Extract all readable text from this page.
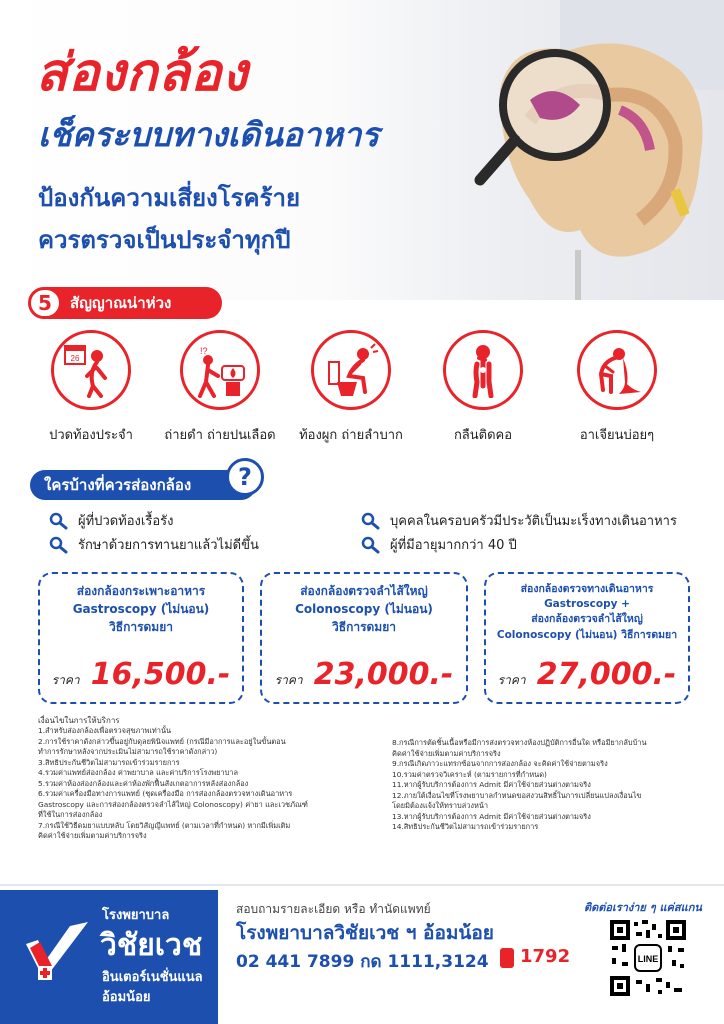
ส่องกล้อง
เช็คระบบทางเดินอาหาร
ป้องกันความเสี่ยงโรคร้าย
ควรตรวจเป็นประจำทุกปี
5	สัญญาณน่าห่วง
26
ปวดท้องประจำ
!?
ถ่ายดำ ถ่ายปนเลือด	ท้องผูก ถ่ายลำบาก	กลืนติดคอ	อาเจียนบ่อยๆ
ใครบ้างที่ควรส่องกล้อง	?
ผู้ที่ปวดท้องเรื้อรัง
รักษาด้วยการทานยาแล้วไม่ดีขึ้น
บุคคลในครอบครัวมีประวัติเป็นมะเร็งทางเดินอาหาร
ผู้ที่มีอายุมากกว่า 40 ปี
ส่องกล้องกระเพาะอาหาร
Gastroscopy (ไม่นอน)
วิธีการดมยา
ราคา 16,500.-
ส่องกล้องตรวจลำไส้ใหญ่
Colonoscopy (ไม่นอน)
วิธีการดมยา
ราคา 23,000.-
ส่องกล้องตรวจทางเดินอาหาร
Gastroscopy +
ส่องกล้องตรวจลำไส้ใหญ่
Colonoscopy (ไม่นอน) วิธีการดมยา
ราคา 27,000.-
เงื่อนไขในการให้บริการ

1.สำหรับส่องกล้องเพื่อตรวจสุขภาพเท่านั้น

2.การใช้ราคาดังกล่าวขึ้นอยู่กับดุลยพินิจแพทย์ (กรณีมีอาการและอยู่ในขั้นตอน

ทำการรักษาหลังจากประเมินไม่สามารถใช้ราคาดังกล่าว)

3.สิทธิประกันชีวิตไม่สามารถเข้าร่วมรายการ

4.รวมค่าแพทย์ส่องกล้อง ค่าพยาบาล และค่าบริการโรงพยาบาล

5.รวมค่าห้องส่องกล้องและค่าห้องพักฟื้นสังเกตอาการหลังส่องกล้อง

6.รวมค่าเครื่องมือทางการแพทย์ (ชุดเครื่องมือ การส่องกล้องตรวจทางเดินอาหาร

Gastroscopy และการส่องกล้องตรวจลำไส้ใหญ่ Colonoscopy) ค่ายา และเวชภัณฑ์

ที่ใช้ในการส่องกล้อง

7.กรณีใช้วิธีดมยาแบบหลับ โดยวิสัญญีแพทย์ (ตามเวลาที่กำหนด) หากมีเพิ่มเติม

คิดค่าใช้จ่ายเพิ่มตามค่าบริการจริง

8.กรณีการตัดชิ้นเนื้อหรือมีการส่งตรวจทางห้องปฏิบัติการอื่นใด หรือมียากลับบ้าน

คิดค่าใช้จ่ายเพิ่มตามค่าบริการจริง

9.กรณีเกิดภาวะแทรกซ้อนจากการส่องกล้อง จะคิดค่าใช้จ่ายตามจริง

10.รวมค่าตรวจวิเคราะห์ (ตามรายการที่กำหนด)

11.หากผู้รับบริการต้องการ Admit มีค่าใช้จ่ายส่วนต่างตามจริง

12.ภายใต้เงื่อนไขที่โรงพยาบาลกำหนดขอสงวนสิทธิ์ในการเปลี่ยนแปลงเงื่อนไข

โดยมิต้องแจ้งให้ทราบล่วงหน้า

13.หากผู้รับบริการต้องการ Admit มีค่าใช้จ่ายส่วนต่างตามจริง

14.สิทธิประกันชีวิตไม่สามารถเข้าร่วมรายการ

โรงพยาบาล
วิชัยเวช
อินเตอร์เนชั่นแนล
อ้อมน้อย
สอบถามรายละเอียด หรือ ทำนัดแพทย์
โรงพยาบาลวิชัยเวช ฯ อ้อมน้อย
02 441 7899 กด 1111,3124 1792
ติดต่อเราง่าย ๆ แค่สแกน
LINE
